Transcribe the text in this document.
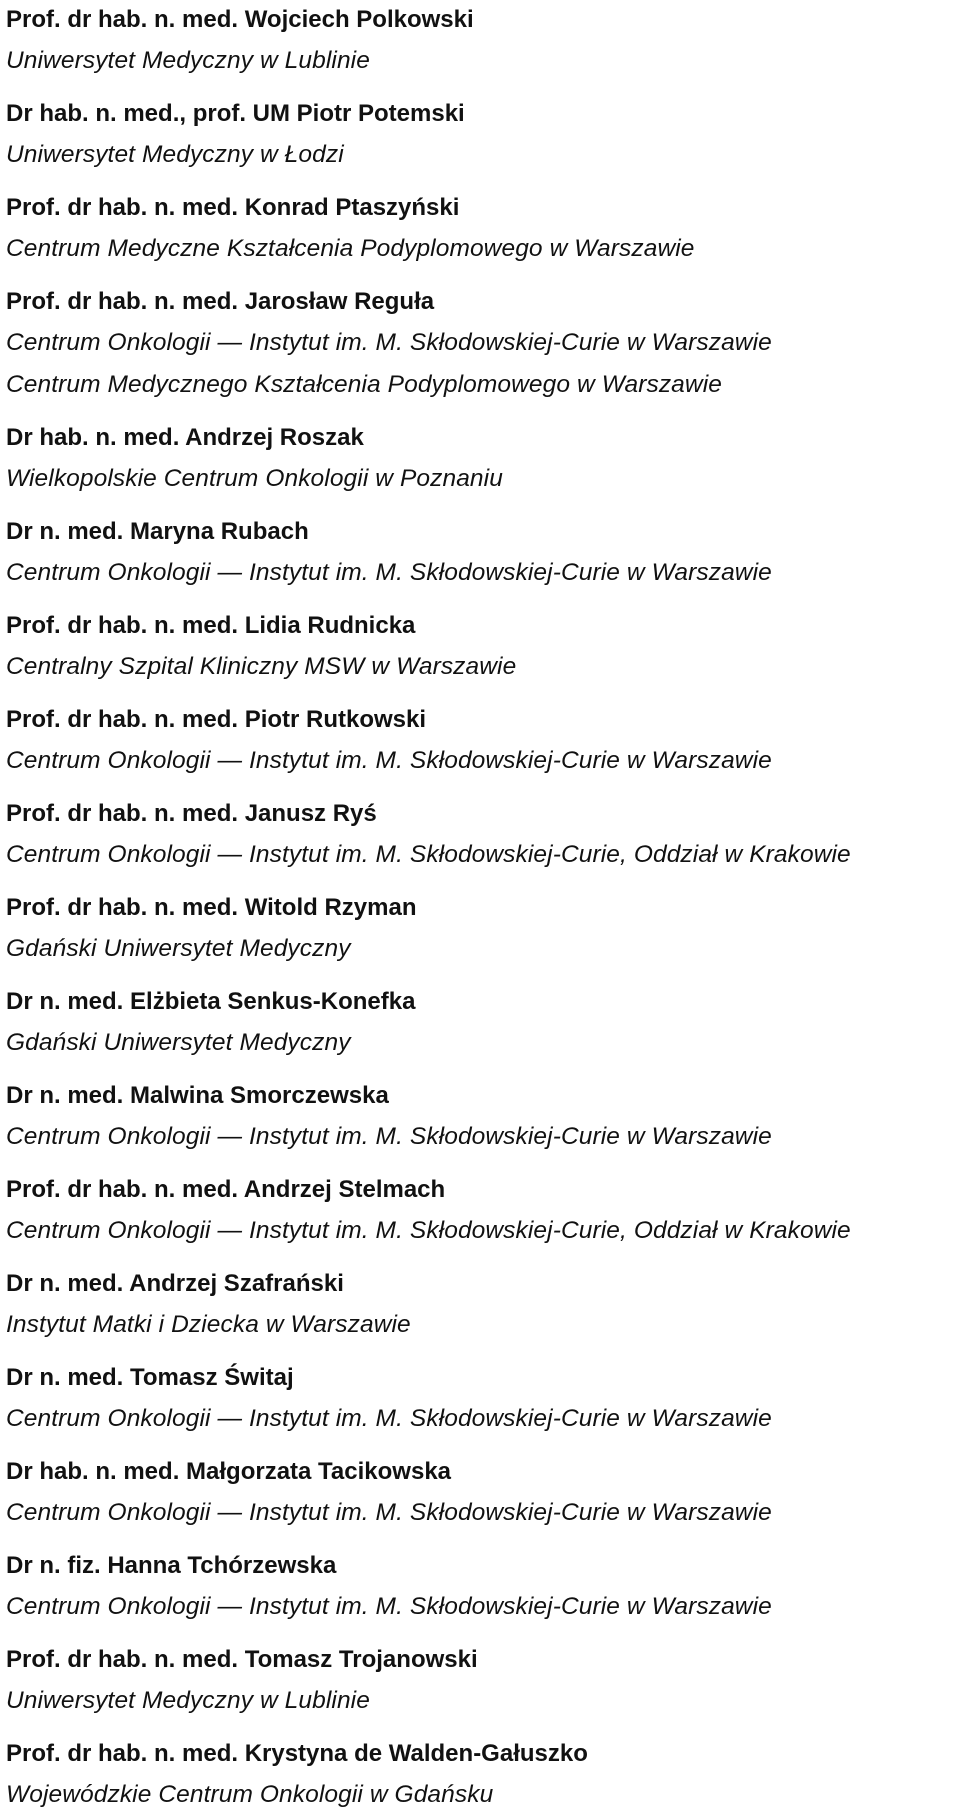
Prof. dr hab. n. med. Wojciech Polkowski
Uniwersytet Medyczny w Lublinie
Dr hab. n. med., prof. UM Piotr Potemski
Uniwersytet Medyczny w Łodzi
Prof. dr hab. n. med. Konrad Ptaszyński
Centrum Medyczne Kształcenia Podyplomowego w Warszawie
Prof. dr hab. n. med. Jarosław Reguła
Centrum Onkologii — Instytut im. M. Skłodowskiej-Curie w Warszawie
Centrum Medycznego Kształcenia Podyplomowego w Warszawie
Dr hab. n. med. Andrzej Roszak
Wielkopolskie Centrum Onkologii w Poznaniu
Dr n. med. Maryna Rubach
Centrum Onkologii — Instytut im. M. Skłodowskiej-Curie w Warszawie
Prof. dr hab. n. med. Lidia Rudnicka
Centralny Szpital Kliniczny MSW w Warszawie
Prof. dr hab. n. med. Piotr Rutkowski
Centrum Onkologii — Instytut im. M. Skłodowskiej-Curie w Warszawie
Prof. dr hab. n. med. Janusz Ryś
Centrum Onkologii — Instytut im. M. Skłodowskiej-Curie, Oddział w Krakowie
Prof. dr hab. n. med. Witold Rzyman
Gdański Uniwersytet Medyczny
Dr n. med. Elżbieta Senkus-Konefka
Gdański Uniwersytet Medyczny
Dr n. med. Malwina Smorczewska
Centrum Onkologii — Instytut im. M. Skłodowskiej-Curie w Warszawie
Prof. dr hab. n. med. Andrzej Stelmach
Centrum Onkologii — Instytut im. M. Skłodowskiej-Curie, Oddział w Krakowie
Dr n. med. Andrzej Szafrański
Instytut Matki i Dziecka w Warszawie
Dr n. med. Tomasz Świtaj
Centrum Onkologii — Instytut im. M. Skłodowskiej-Curie w Warszawie
Dr hab. n. med. Małgorzata Tacikowska
Centrum Onkologii — Instytut im. M. Skłodowskiej-Curie w Warszawie
Dr n. fiz. Hanna Tchórzewska
Centrum Onkologii — Instytut im. M. Skłodowskiej-Curie w Warszawie
Prof. dr hab. n. med. Tomasz Trojanowski
Uniwersytet Medyczny w Lublinie
Prof. dr hab. n. med. Krystyna de Walden-Gałuszko
Wojewódzkie Centrum Onkologii w Gdańsku
